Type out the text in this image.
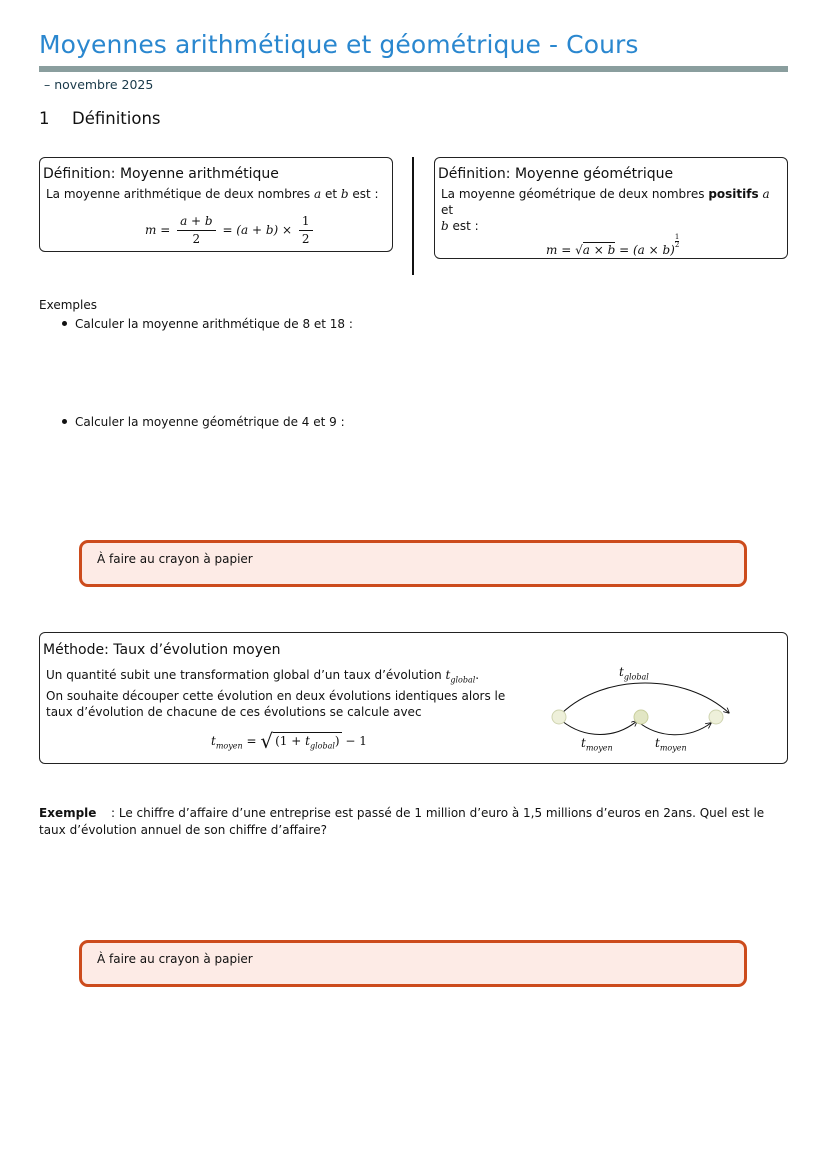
Moyennes arithmétique et géométrique - Cours
– novembre 2025
1 Définitions
Définition: Moyenne arithmétique
La moyenne arithmétique de deux nombres a et b est :
$m = \frac{a + b}{2} = (a + b) \times \frac{1}{2}$
Définition: Moyenne géométrique
La moyenne géométrique de deux nombres positifs a et
b est :
m = √a × b = (a × b)
$^{\frac{1}{2}}$
Exemples
Calculer la moyenne arithmétique de 8 et 18 :
Calculer la moyenne géométrique de 4 et 9 :
À faire au crayon à papier
Méthode: Taux d’évolution moyen
Un quantité subit une transformation global d’un taux d’évolution $t_{global}$.
On souhaite découper cette évolution en deux évolutions identiques alors le
taux d’évolution de chacune de ces évolutions se calcule avec
$t_{moyen}$ = √ $(1 + t_{global}) - 1$
$t_{global}$
$t_{moyen}$	$t_{moyen}$
Exemple : Le chiffre d’affaire d’une entreprise est passé de 1 million d’euro à 1,5 millions d’euros en 2ans. Quel est le
taux d’évolution annuel de son chiffre d’affaire?
À faire au crayon à papier
